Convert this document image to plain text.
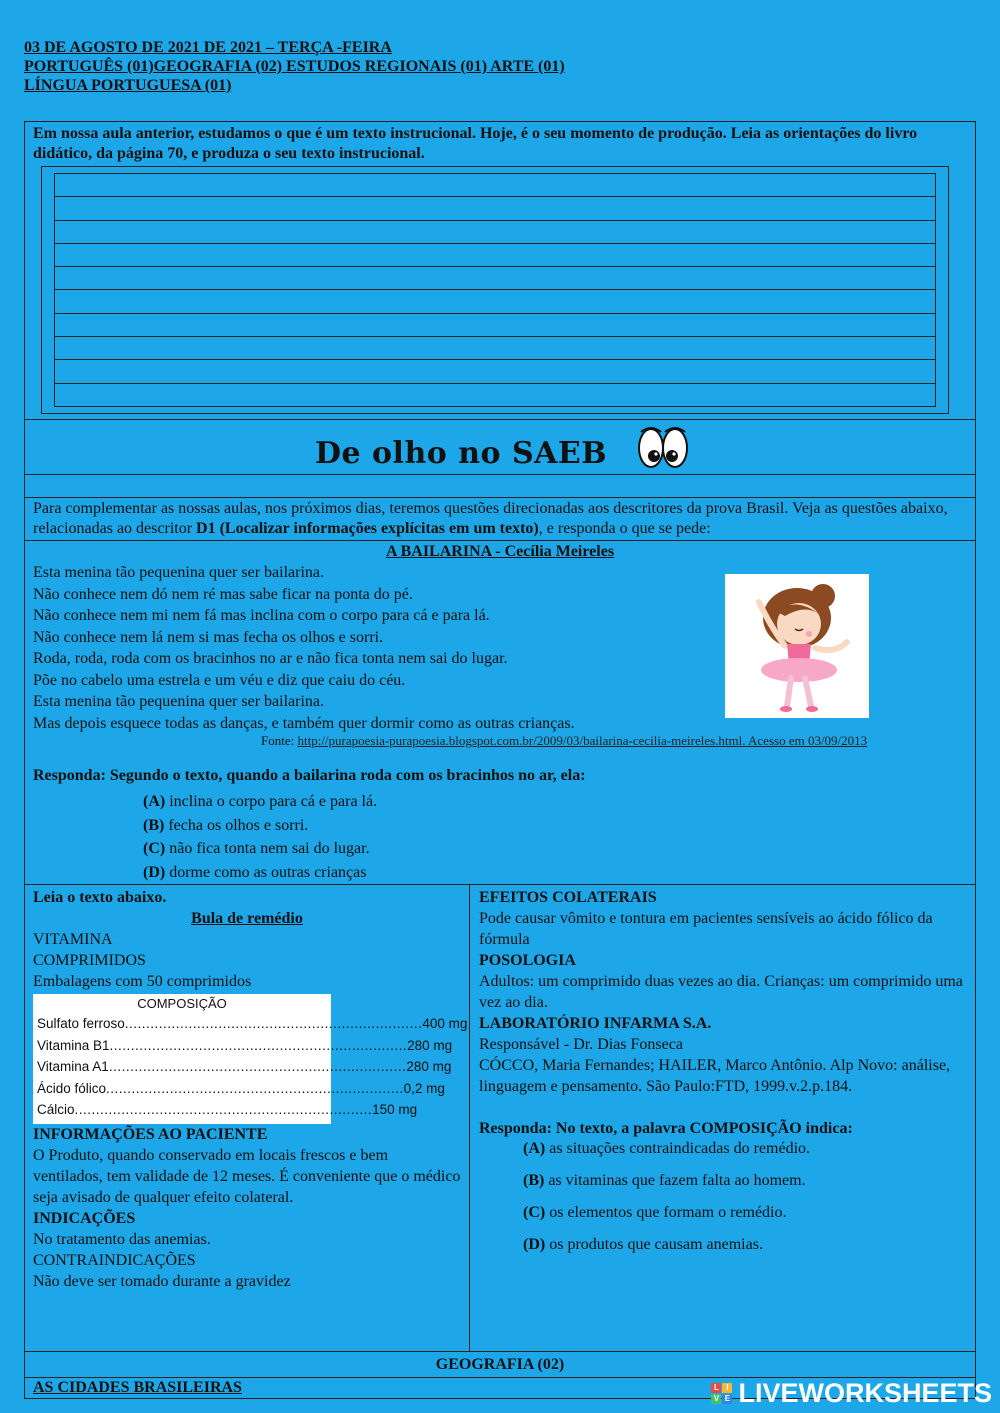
03 DE AGOSTO DE 2021 DE 2021 – TERÇA -FEIRA
PORTUGUÊS (01)GEOGRAFIA (02) ESTUDOS REGIONAIS (01) ARTE (01)
LÍNGUA PORTUGUESA (01)

Em nossa aula anterior, estudamos o que é um texto instrucional. Hoje, é o seu momento de produção. Leia as orientações do livro didático, da página 70, e produza o seu texto instrucional.

De olho no SAEB
Para complementar as nossas aulas, nos próximos dias, teremos questões direcionadas aos descritores da prova Brasil. Veja as questões abaixo, relacionadas ao descritor D1 (Localizar informações explícitas em um texto), e responda o que se pede:
A BAILARINA - Cecília Meireles
Esta menina tão pequenina quer ser bailarina.
Não conhece nem dó nem ré mas sabe ficar na ponta do pé.
Não conhece nem mi nem fá mas inclina com o corpo para cá e para lá.
Não conhece nem lá nem si mas fecha os olhos e sorri.
Roda, roda, roda com os bracinhos no ar e não fica tonta nem sai do lugar.
Põe no cabelo uma estrela e um véu e diz que caiu do céu.
Esta menina tão pequenina quer ser bailarina.
Mas depois esquece todas as danças, e também quer dormir como as outras crianças.
Fonte: http://purapoesia-purapoesia.blogspot.com.br/2009/03/bailarina-cecilia-meireles.html. Acesso em 03/09/2013
Responda: Segundo o texto, quando a bailarina roda com os bracinhos no ar, ela:
(A) inclina o corpo para cá e para lá.
(B) fecha os olhos e sorri.
(C) não fica tonta nem sai do lugar.
(D) dorme como as outras crianças
Leia o texto abaixo.
Bula de remédio
VITAMINA
COMPRIMIDOS
Embalagens com 50 comprimidos
COMPOSIÇÃO
Sulfato ferroso ...................................................................... 400 mg
Vitamina B1 ...................................................................... 280 mg
Vitamina A1 ...................................................................... 280 mg
Ácido fólico ...................................................................... 0,2 mg
Cálcio ...................................................................... 150 mg
INFORMAÇÕES AO PACIENTE
O Produto, quando conservado em locais frescos e bem ventilados, tem validade de 12 meses. É conveniente que o médico seja avisado de qualquer efeito colateral.
INDICAÇÕES
No tratamento das anemias.
CONTRAINDICAÇÕES
Não deve ser tomado durante a gravidez
EFEITOS COLATERAIS
Pode causar vômito e tontura em pacientes sensíveis ao ácido fólico da fórmula
POSOLOGIA
Adultos: um comprimido duas vezes ao dia. Crianças: um comprimido uma vez ao dia.
LABORATÓRIO INFARMA S.A.
Responsável - Dr. Dias Fonseca
CÓCCO, Maria Fernandes; HAILER, Marco Antônio. Alp Novo: análise, linguagem e pensamento. São Paulo:FTD, 1999.v.2.p.184.
Responda: No texto, a palavra COMPOSIÇÃO indica:
(A) as situações contraindicadas do remédio.
(B) as vitaminas que fazem falta ao homem.
(C) os elementos que formam o remédio.
(D) os produtos que causam anemias.
GEOGRAFIA (02)
AS CIDADES BRASILEIRAS	L I
V E LIVEWORKSHEETS
